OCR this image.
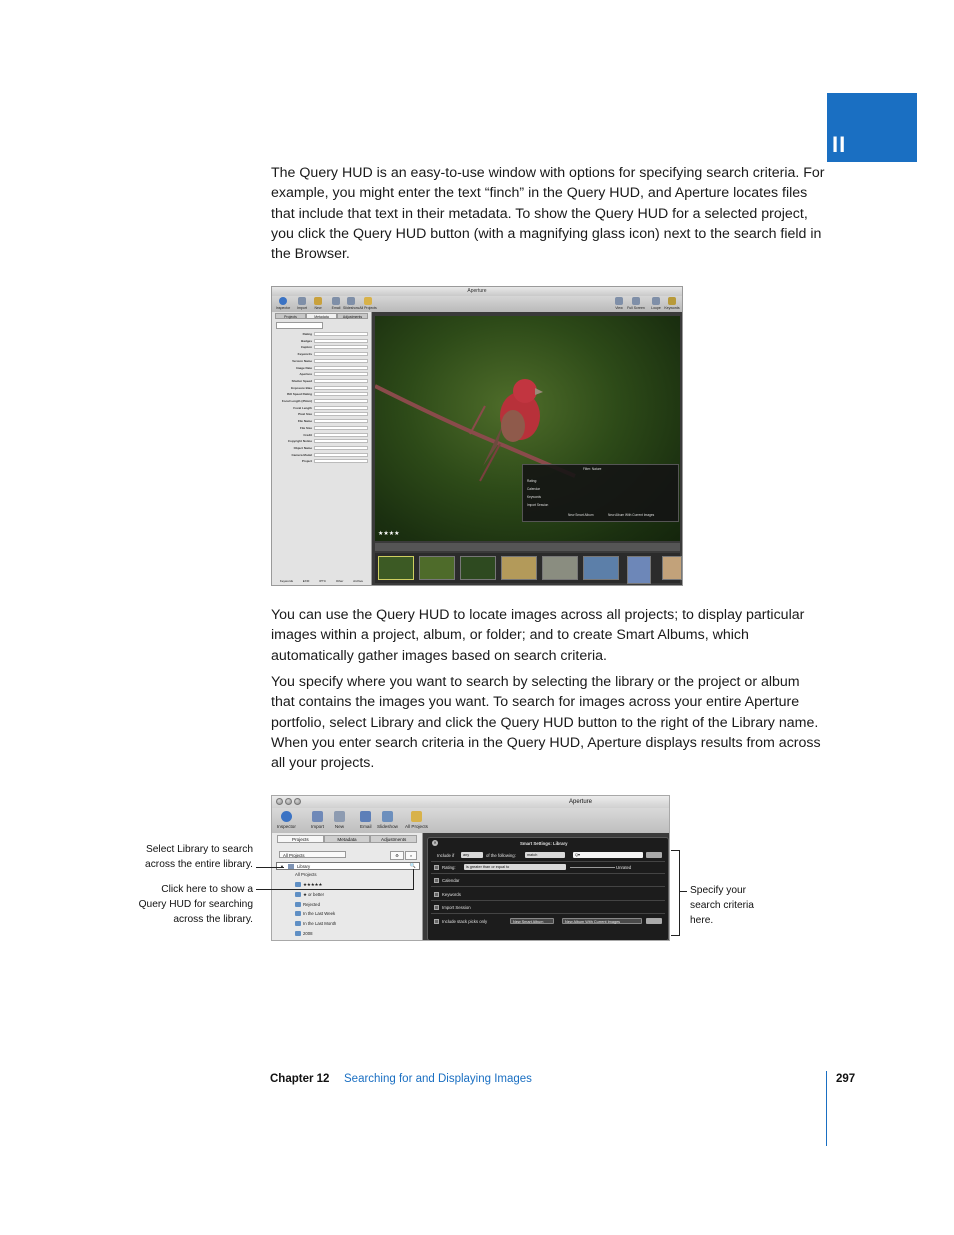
II

The Query HUD is an easy-to-use window with options for specifying search criteria. For example, you might enter the text “finch” in the Query HUD, and Aperture locates files that include that text in their metadata. To show the Query HUD for a selected project, you click the Query HUD button (with a magnifying glass icon) next to the search field in the Browser.

Aperture
Inspector	Import	New	Email Slideshow All Projects	View	Full Screen	Loupe Keywords
Projects	Metadata	Adjustments
Rating
Badges
Caption
Keywords
Version Name
Image Date
Aperture
Shutter Speed
Exposure Bias
ISO Speed Rating
Focal Length (35mm)
Focal Length
Pixel Size
File Name
File Size
Credit
Copyright Notice
Object Name
Camera Model
Project
Keywords	EXIF	IPTC	Other	Archive
★★★★
Filter: Nature
Rating:
Calendar
Keywords
Import Session
New Smart Album	New Album With Current Images

You can use the Query HUD to locate images across all projects; to display particular images within a project, album, or folder; and to create Smart Albums, which automatically gather images based on search criteria.

You specify where you want to search by selecting the library or the project or album that contains the images you want. To search for images across your entire Aperture portfolio, select Library and click the Query HUD button to the right of the Library name. When you enter search criteria in the Query HUD, Aperture displays results from across all your projects.

Aperture
Inspector	Import New	Email Slideshow All Projects
Projects	Metadata	Adjustments
All Projects	⚙	×
Library	🔍
All Projects
★★★★★
★ or better
Rejected
In the Last Week
In the Last Month
2008
✕	Smart Settings: Library
Include if	any	of the following:	match	Q▾
Rating:	is greater than or equal to	Unrated
Calendar
Keywords
Import Session
Include stack picks only	New Smart Album	New Album With Current Images
Select Library to search
across the entire library.
Click here to show a
Query HUD for searching
across the library.
Specify your
search criteria
here.
Chapter 12 Searching for and Displaying Images	297
